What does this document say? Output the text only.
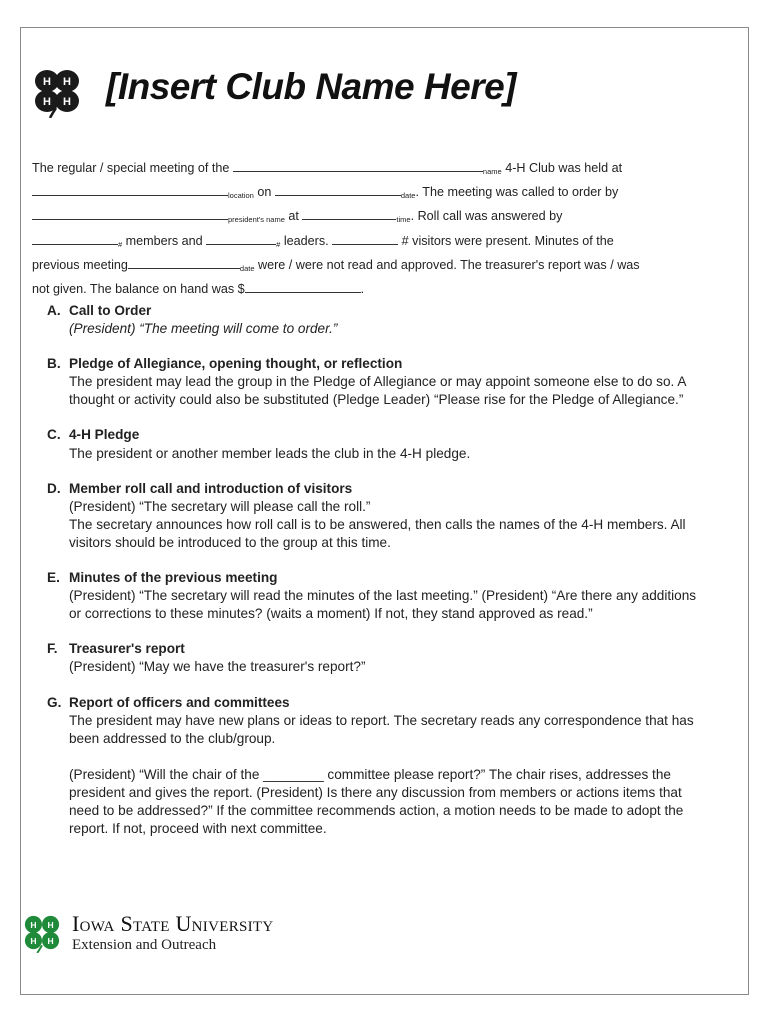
H H
H H [Insert Club Name Here]
The regular / special meeting of the	$_{name}$ 4-H Club was held at
$_{location}$ on	$_{date}$. The meeting was called to order by
$_{president's name}$ at	$_{time}$. Roll call was answered by
$_{\#}$ members and	$_{\#}$ leaders.	# visitors were present. Minutes of the
previous meeting	$_{date}$ were / were not read and approved. The treasurer's report was / was
not given. The balance on hand was $	.
A. Call to Order
(President) “The meeting will come to order.”
B. Pledge of Allegiance, opening thought, or reflection
The president may lead the group in the Pledge of Allegiance or may appoint someone else to do so. A thought or activity could also be substituted (Pledge Leader) “Please rise for the Pledge of Allegiance.”
C. 4-H Pledge
The president or another member leads the club in the 4-H pledge.
D. Member roll call and introduction of visitors
(President) “The secretary will please call the roll.”
The secretary announces how roll call is to be answered, then calls the names of the 4-H members. All visitors should be introduced to the group at this time.
E. Minutes of the previous meeting
(President) “The secretary will read the minutes of the last meeting.” (President) “Are there any additions or corrections to these minutes? (waits a moment) If not, they stand approved as read.”
F. Treasurer's report
(President) “May we have the treasurer's report?”
G. Report of officers and committees
The president may have new plans or ideas to report. The secretary reads any correspondence that has been addressed to the club/group.
(President) “Will the chair of the ________ committee please report?” The chair rises, addresses the president and gives the report. (President) Is there any discussion from members or actions items that need to be addressed?” If the committee recommends action, a motion needs to be made to adopt the report. If not, proceed with next committee.
H H
H H
Iowa State University
Extension and Outreach
